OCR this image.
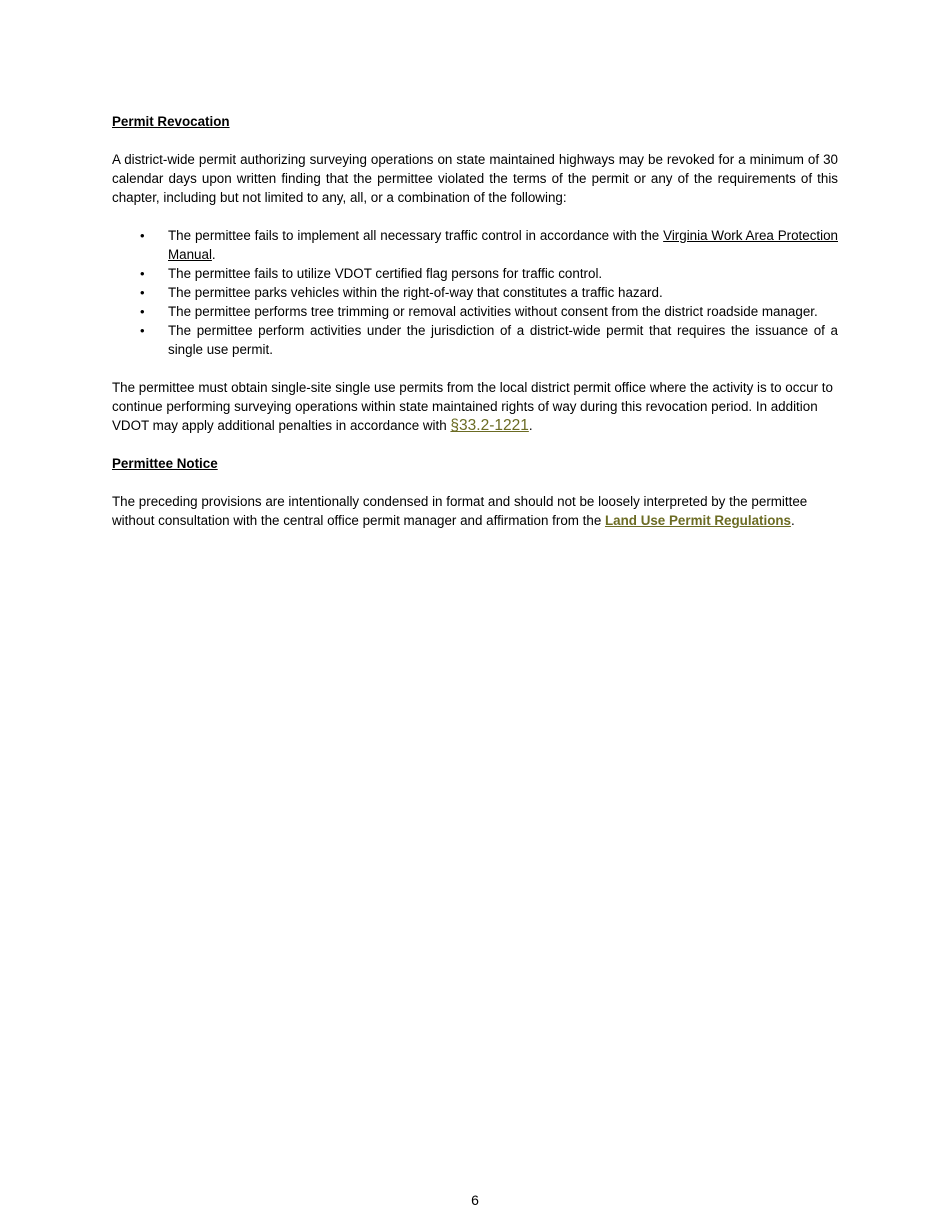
Permit Revocation

A district-wide permit authorizing surveying operations on state maintained highways may be revoked for a minimum of 30 calendar days upon written finding that the permittee violated the terms of the permit or any of the requirements of this chapter, including but not limited to any, all, or a combination of the following:

• The permittee fails to implement all necessary traffic control in accordance with the Virginia Work Area Protection Manual.
• The permittee fails to utilize VDOT certified flag persons for traffic control.
• The permittee parks vehicles within the right-of-way that constitutes a traffic hazard.
• The permittee performs tree trimming or removal activities without consent from the district roadside manager.
• The permittee perform activities under the jurisdiction of a district-wide permit that requires the issuance of a single use permit.

The permittee must obtain single-site single use permits from the local district permit office where the activity is to occur to continue performing surveying operations within state maintained rights of way during this revocation period. In addition VDOT may apply additional penalties in accordance with §33.2-1221.

Permittee Notice

The preceding provisions are intentionally condensed in format and should not be loosely interpreted by the permittee without consultation with the central office permit manager and affirmation from the Land Use Permit Regulations.

6
